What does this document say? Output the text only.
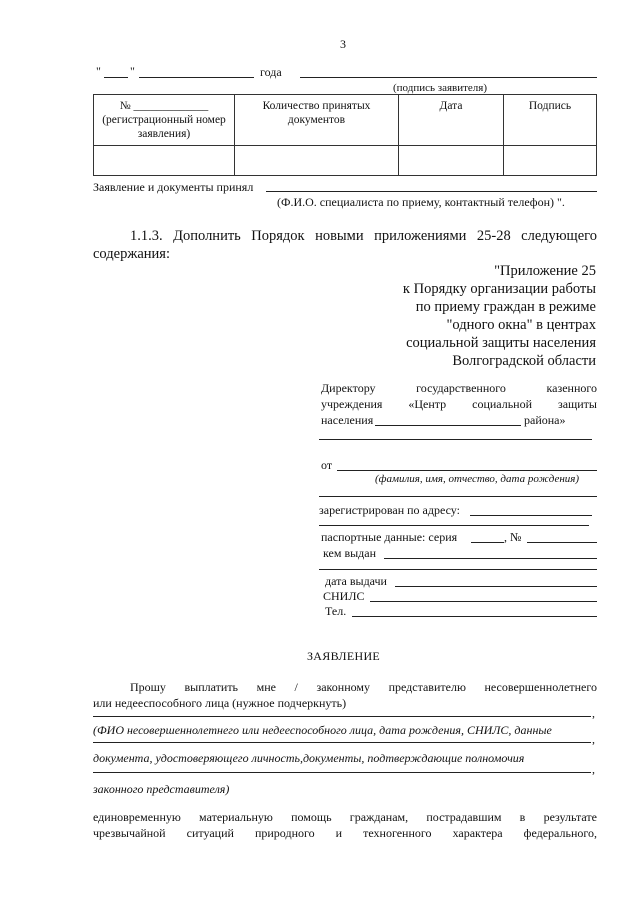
3
" "	года
(подпись заявителя)
№ _____________ (регистрационный номер заявления)	Количество принятых документов	Дата	Подпись

Заявление и документы принял
(Ф.И.О. специалиста по приему, контактный телефон) ".
1.1.3. Дополнить Порядок новыми приложениями 25-28 следующего
содержания:
"Приложение 25
к Порядку организации работы
по приему граждан в режиме
"одного окна" в центрах
социальной защиты населения
Волгоградской области
Директору государственного казенного
учреждения «Центр социальной защиты
населения	района»
от
(фамилия, имя, отчество, дата рождения)
зарегистрирован по адресу:
паспортные данные: серия	, №
кем выдан
дата выдачи
СНИЛС
Тел.
ЗАЯВЛЕНИЕ
Прошу выплатить мне / законному представителю несовершеннолетнего
или недееспособного лица (нужное подчеркнуть)
,
(ФИО несовершеннолетнего или недееспособного лица, дата рождения, СНИЛС, данные
,
документа, удостоверяющего личность,документы, подтверждающие полномочия
,
законного представителя)
единовременную материальную помощь гражданам, пострадавшим в результате
чрезвычайной ситуаций природного и техногенного характера федерального,
